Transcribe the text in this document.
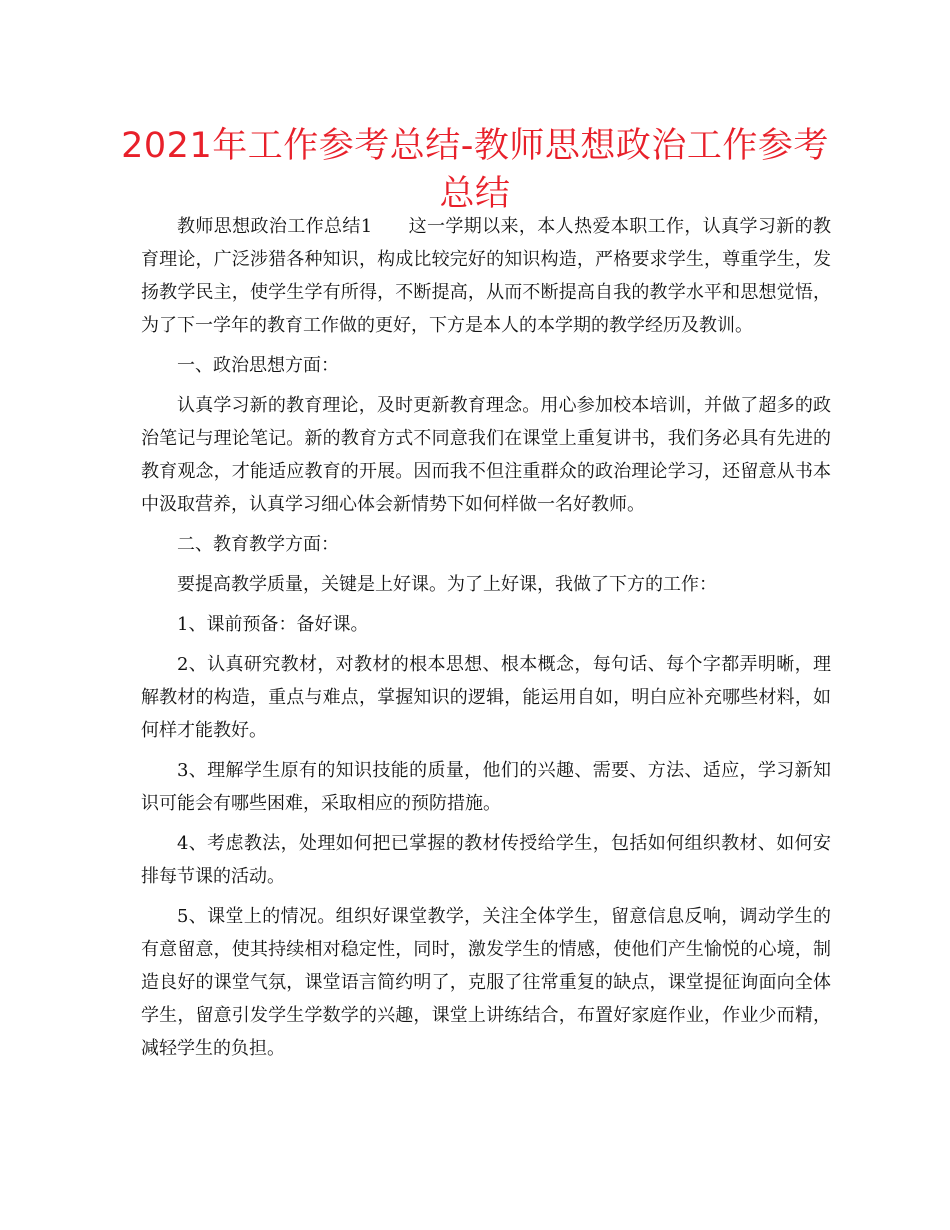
2021年工作参考总结-教师思想政治工作参考总结

教师思想政治工作总结1 这一学期以来，本人热爱本职工作，认真学习新的教育理论，广泛涉猎各种知识，构成比较完好的知识构造，严格要求学生，尊重学生，发扬教学民主，使学生学有所得，不断提高，从而不断提高自我的教学水平和思想觉悟，为了下一学年的教育工作做的更好，下方是本人的本学期的教学经历及教训。

一、政治思想方面：

认真学习新的教育理论，及时更新教育理念。用心参加校本培训，并做了超多的政治笔记与理论笔记。新的教育方式不同意我们在课堂上重复讲书，我们务必具有先进的教育观念，才能适应教育的开展。因而我不但注重群众的政治理论学习，还留意从书本中汲取营养，认真学习细心体会新情势下如何样做一名好教师。

二、教育教学方面：

要提高教学质量，关键是上好课。为了上好课，我做了下方的工作：

1、课前预备：备好课。

2、认真研究教材，对教材的根本思想、根本概念，每句话、每个字都弄明晰，理解教材的构造，重点与难点，掌握知识的逻辑，能运用自如，明白应补充哪些材料，如何样才能教好。

3、理解学生原有的知识技能的质量，他们的兴趣、需要、方法、适应，学习新知识可能会有哪些困难，采取相应的预防措施。

4、考虑教法，处理如何把已掌握的教材传授给学生，包括如何组织教材、如何安排每节课的活动。

5、课堂上的情况。组织好课堂教学，关注全体学生，留意信息反响，调动学生的有意留意，使其持续相对稳定性，同时，激发学生的情感，使他们产生愉悦的心境，制造良好的课堂气氛，课堂语言简约明了，克服了往常重复的缺点，课堂提征询面向全体学生，留意引发学生学数学的兴趣，课堂上讲练结合，布置好家庭作业，作业少而精，减轻学生的负担。
